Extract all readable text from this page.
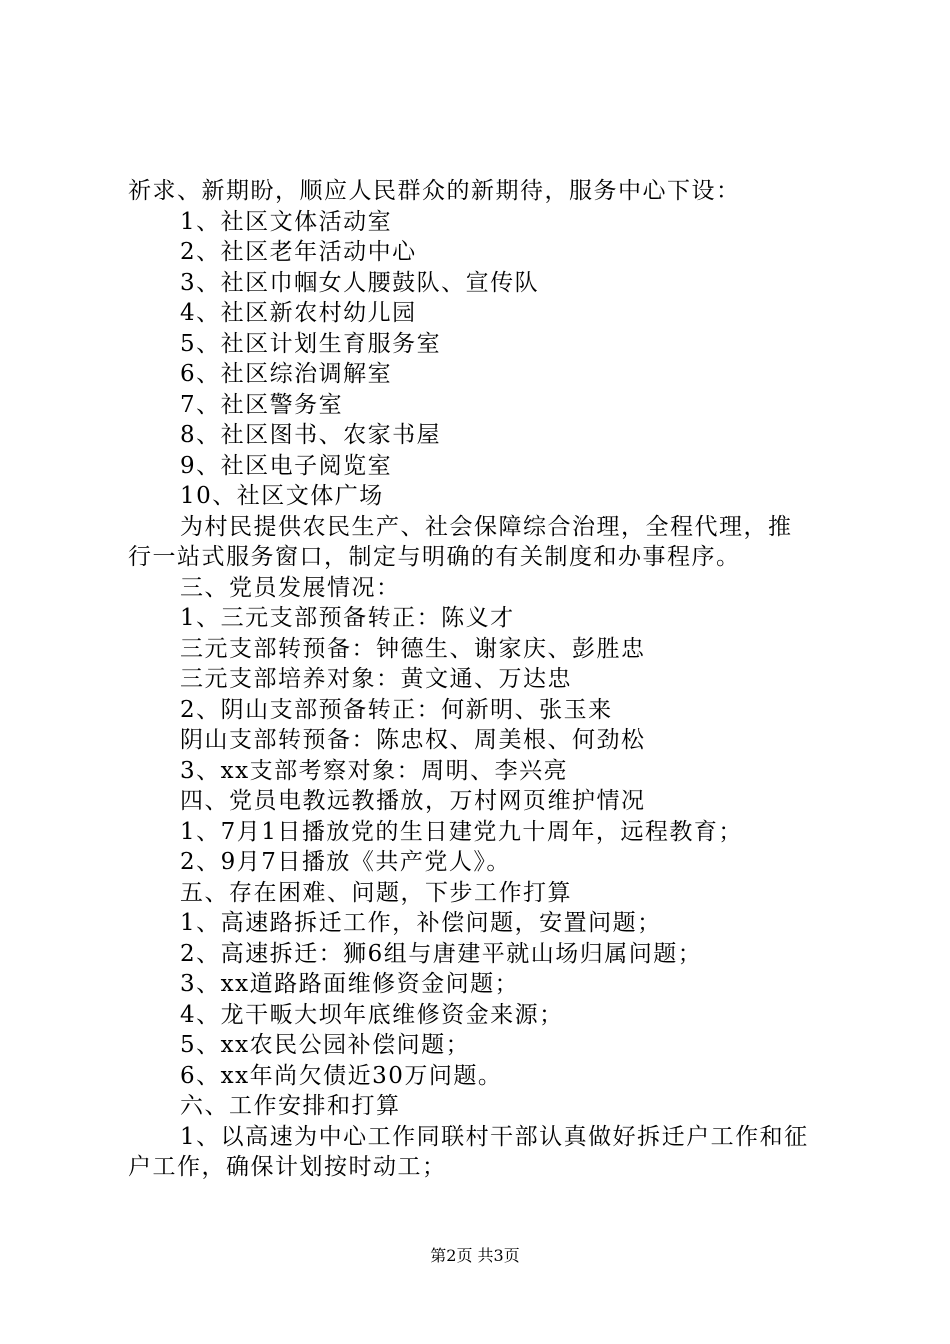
祈求、新期盼，顺应人民群众的新期待，服务中心下设：
1、社区文体活动室
2、社区老年活动中心
3、社区巾帼女人腰鼓队、宣传队
4、社区新农村幼儿园
5、社区计划生育服务室
6、社区综治调解室
7、社区警务室
8、社区图书、农家书屋
9、社区电子阅览室
10、社区文体广场
为村民提供农民生产、社会保障综合治理，全程代理，推
行一站式服务窗口，制定与明确的有关制度和办事程序。
三、党员发展情况：
1、三元支部预备转正：陈义才
三元支部转预备：钟德生、谢家庆、彭胜忠
三元支部培养对象：黄文通、万达忠
2、阴山支部预备转正：何新明、张玉来
阴山支部转预备：陈忠权、周美根、何劲松
3、xx支部考察对象：周明、李兴亮
四、党员电教远教播放，万村网页维护情况
1、7月1日播放党的生日建党九十周年，远程教育；
2、9月7日播放《共产党人》。
五、存在困难、问题，下步工作打算
1、高速路拆迁工作，补偿问题，安置问题；
2、高速拆迁：狮6组与唐建平就山场归属问题；
3、xx道路路面维修资金问题；
4、龙干畈大坝年底维修资金来源；
5、xx农民公园补偿问题；
6、xx年尚欠债近30万问题。
六、工作安排和打算
1、以高速为中心工作同联村干部认真做好拆迁户工作和征
户工作，确保计划按时动工；
第2页 共3页
